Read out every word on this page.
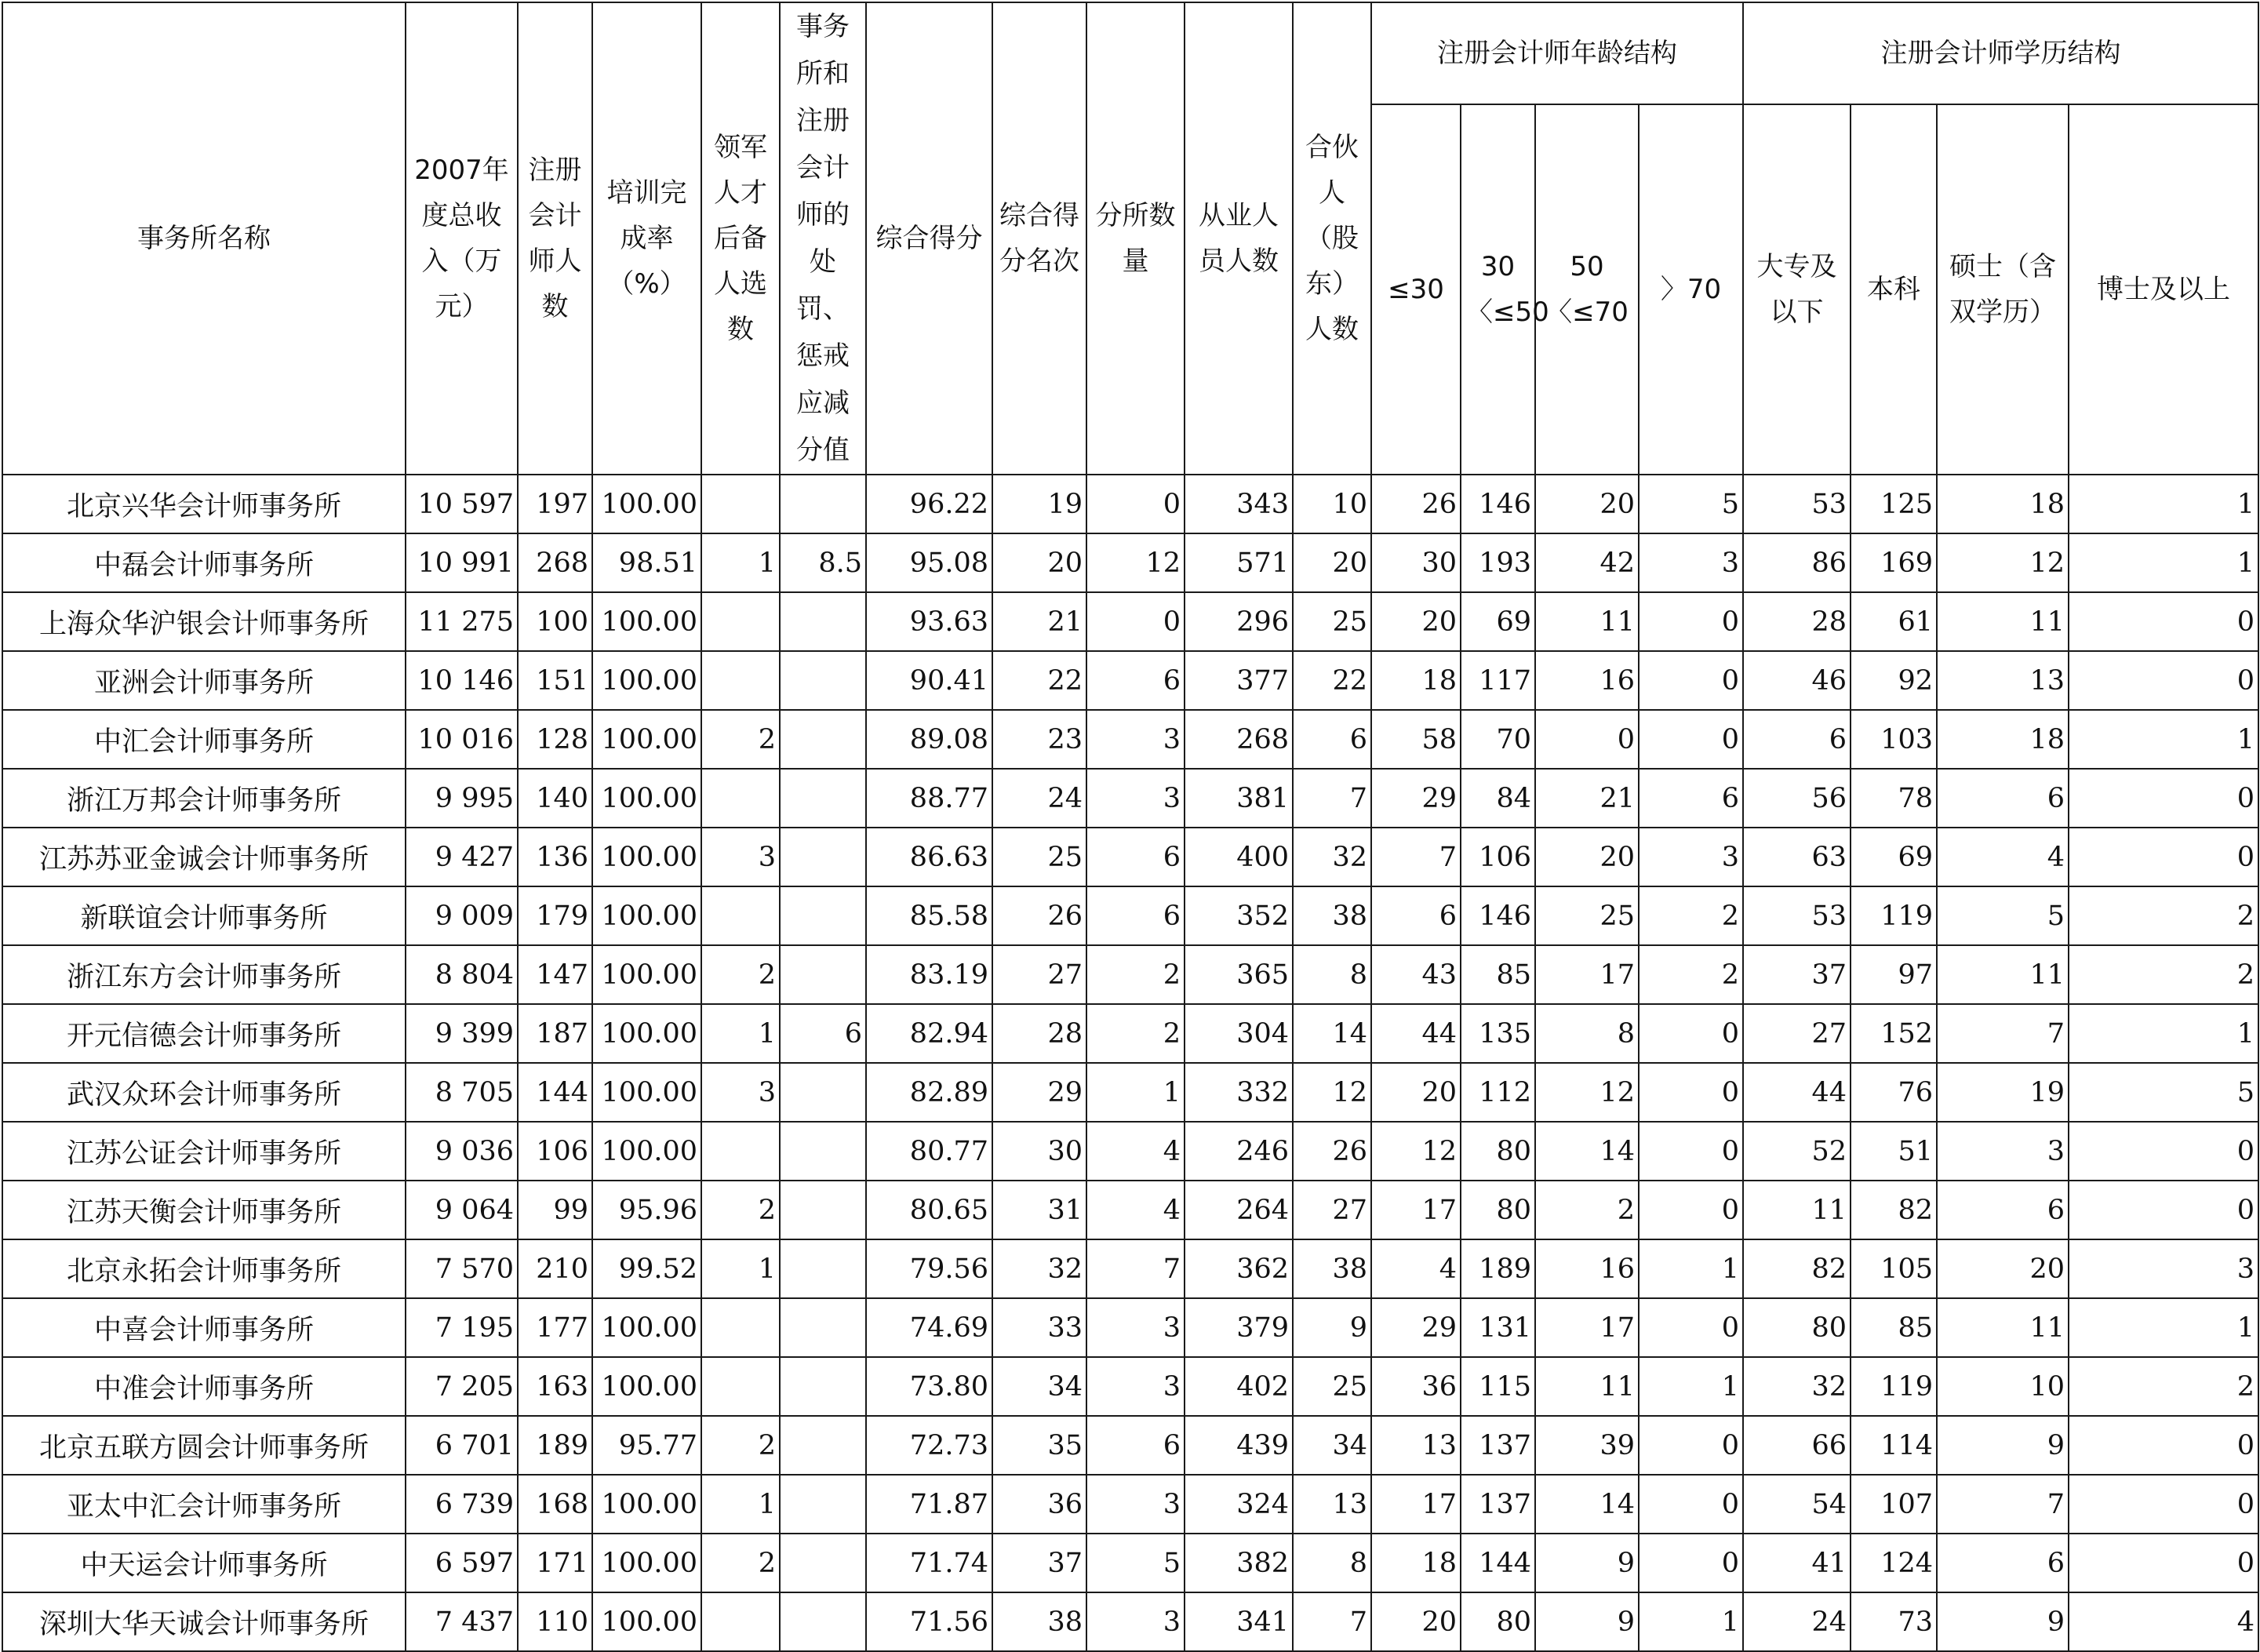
事务所名称	2007年度总收入（万元）	注册会计师人数	培训完成率（%）	领军人才后备人选数	事务所和注册会计师的处罚、惩戒应减分值	综合得分	综合得分名次	分所数量	从业人员人数	合伙人（股东）人数	注册会计师年龄结构				注册会计师学历结构			
											≤30	30〈≤50	50〈≤70	〉70	大专及以下	本科	硕士（含双学历）	博士及以上
北京兴华会计师事务所	10 597	197	100.00			96.22	19	0	343	10	26	146	20	5	53	125	18	1
中磊会计师事务所	10 991	268	98.51	1	8.5	95.08	20	12	571	20	30	193	42	3	86	169	12	1
上海众华沪银会计师事务所	11 275	100	100.00			93.63	21	0	296	25	20	69	11	0	28	61	11	0
亚洲会计师事务所	10 146	151	100.00			90.41	22	6	377	22	18	117	16	0	46	92	13	0
中汇会计师事务所	10 016	128	100.00	2		89.08	23	3	268	6	58	70	0	0	6	103	18	1
浙江万邦会计师事务所	9 995	140	100.00			88.77	24	3	381	7	29	84	21	6	56	78	6	0
江苏苏亚金诚会计师事务所	9 427	136	100.00	3		86.63	25	6	400	32	7	106	20	3	63	69	4	0
新联谊会计师事务所	9 009	179	100.00			85.58	26	6	352	38	6	146	25	2	53	119	5	2
浙江东方会计师事务所	8 804	147	100.00	2		83.19	27	2	365	8	43	85	17	2	37	97	11	2
开元信德会计师事务所	9 399	187	100.00	1	6	82.94	28	2	304	14	44	135	8	0	27	152	7	1
武汉众环会计师事务所	8 705	144	100.00	3		82.89	29	1	332	12	20	112	12	0	44	76	19	5
江苏公证会计师事务所	9 036	106	100.00			80.77	30	4	246	26	12	80	14	0	52	51	3	0
江苏天衡会计师事务所	9 064	99	95.96	2		80.65	31	4	264	27	17	80	2	0	11	82	6	0
北京永拓会计师事务所	7 570	210	99.52	1		79.56	32	7	362	38	4	189	16	1	82	105	20	3
中喜会计师事务所	7 195	177	100.00			74.69	33	3	379	9	29	131	17	0	80	85	11	1
中准会计师事务所	7 205	163	100.00			73.80	34	3	402	25	36	115	11	1	32	119	10	2
北京五联方圆会计师事务所	6 701	189	95.77	2		72.73	35	6	439	34	13	137	39	0	66	114	9	0
亚太中汇会计师事务所	6 739	168	100.00	1		71.87	36	3	324	13	17	137	14	0	54	107	7	0
中天运会计师事务所	6 597	171	100.00	2		71.74	37	5	382	8	18	144	9	0	41	124	6	0
深圳大华天诚会计师事务所	7 437	110	100.00			71.56	38	3	341	7	20	80	9	1	24	73	9	4
